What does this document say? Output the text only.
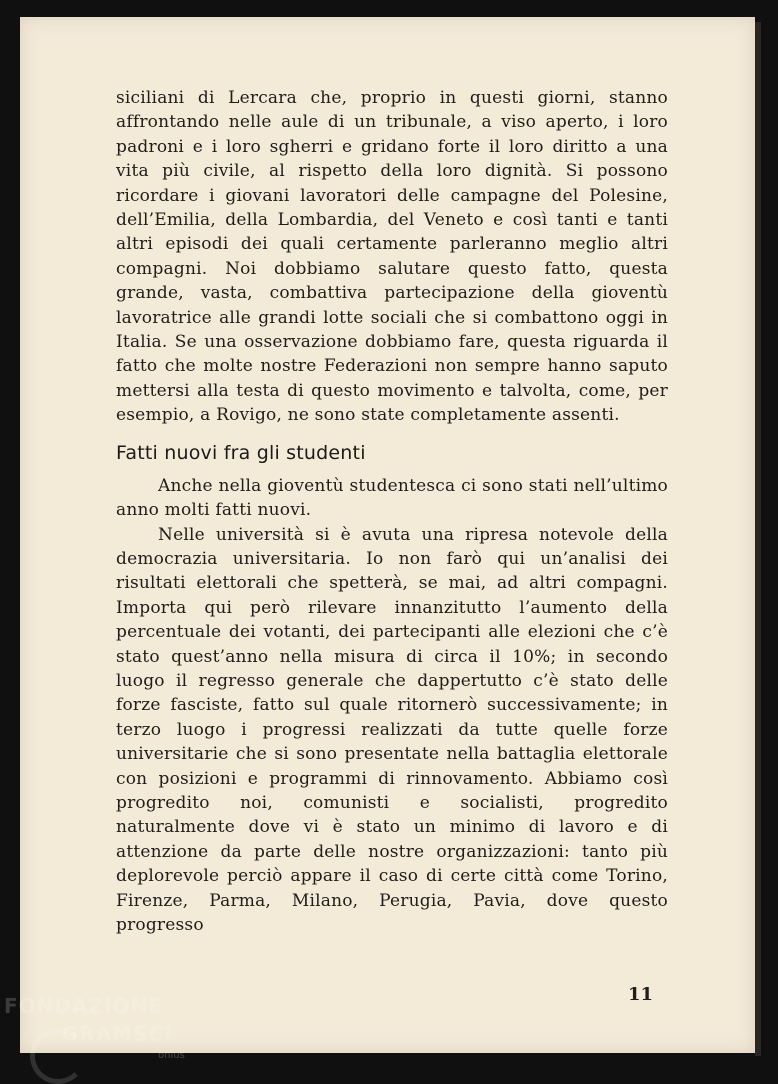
siciliani di Lercara che, proprio in questi giorni, stanno affrontando nelle aule di un tribunale, a viso aperto, i loro padroni e i loro sgherri e gridano forte il loro diritto a una vita più civile, al rispetto della loro dignità. Si possono ricordare i giovani lavoratori delle campagne del Polesine, dell’Emilia, della Lombardia, del Veneto e così tanti e tanti altri episodi dei quali certamente parleranno meglio altri compagni. Noi dobbiamo salutare questo fatto, questa grande, vasta, combattiva partecipazione della gioventù lavoratrice alle grandi lotte sociali che si combattono oggi in Italia. Se una osservazione dobbiamo fare, questa riguarda il fatto che molte nostre Federazioni non sempre hanno saputo mettersi alla testa di questo movimento e talvolta, come, per esempio, a Rovigo, ne sono state completamente assenti.

Fatti nuovi fra gli studenti

Anche nella gioventù studentesca ci sono stati nell’ultimo anno molti fatti nuovi.

Nelle università si è avuta una ripresa notevole della democrazia universitaria. Io non farò qui un’analisi dei risultati elettorali che spetterà, se mai, ad altri compagni. Importa qui però rilevare innanzitutto l’aumento della percentuale dei votanti, dei partecipanti alle elezioni che c’è stato quest’anno nella misura di circa il 10%; in secondo luogo il regresso generale che dappertutto c’è stato delle forze fasciste, fatto sul quale ritornerò successivamente; in terzo luogo i progressi realizzati da tutte quelle forze universitarie che si sono presentate nella battaglia elettorale con posizioni e programmi di rinnovamento. Abbiamo così progredito noi, comunisti e socialisti, progredito naturalmente dove vi è stato un minimo di lavoro e di attenzione da parte delle nostre organizzazioni: tanto più deplorevole perciò appare il caso di certe città come Torino, Firenze, Parma, Milano, Perugia, Pavia, dove questo progresso

11
FONDAZIONE
GRAMSCI
onlus
